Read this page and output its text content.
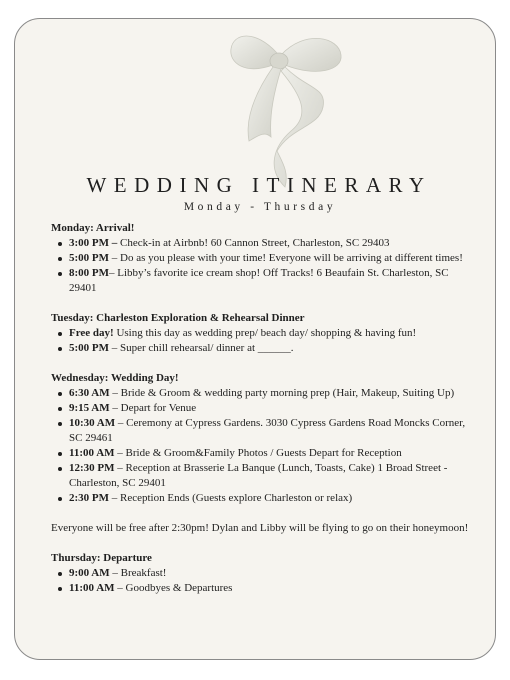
WEDDING ITINERARY
Monday - Thursday

Monday: Arrival!

3:00 PM – Check-in at Airbnb! 60 Cannon Street, Charleston, SC 29403
5:00 PM – Do as you please with your time! Everyone will be arriving at different times!
8:00 PM– Libby’s favorite ice cream shop! Off Tracks! 6 Beaufain St. Charleston, SC 29401

Tuesday: Charleston Exploration & Rehearsal Dinner

Free day! Using this day as wedding prep/ beach day/ shopping & having fun!
5:00 PM – Super chill rehearsal/ dinner at ______.

Wednesday: Wedding Day!

6:30 AM – Bride & Groom & wedding party morning prep (Hair, Makeup, Suiting Up)
9:15 AM – Depart for Venue
10:30 AM – Ceremony at Cypress Gardens. 3030 Cypress Gardens Road Moncks Corner, SC 29461
11:00 AM – Bride & Groom&Family Photos / Guests Depart for Reception
12:30 PM – Reception at Brasserie La Banque (Lunch, Toasts, Cake) 1 Broad Street - Charleston, SC 29401
2:30 PM – Reception Ends (Guests explore Charleston or relax)

Everyone will be free after 2:30pm! Dylan and Libby will be flying to go on their honeymoon!

Thursday: Departure

9:00 AM – Breakfast!
11:00 AM – Goodbyes & Departures
